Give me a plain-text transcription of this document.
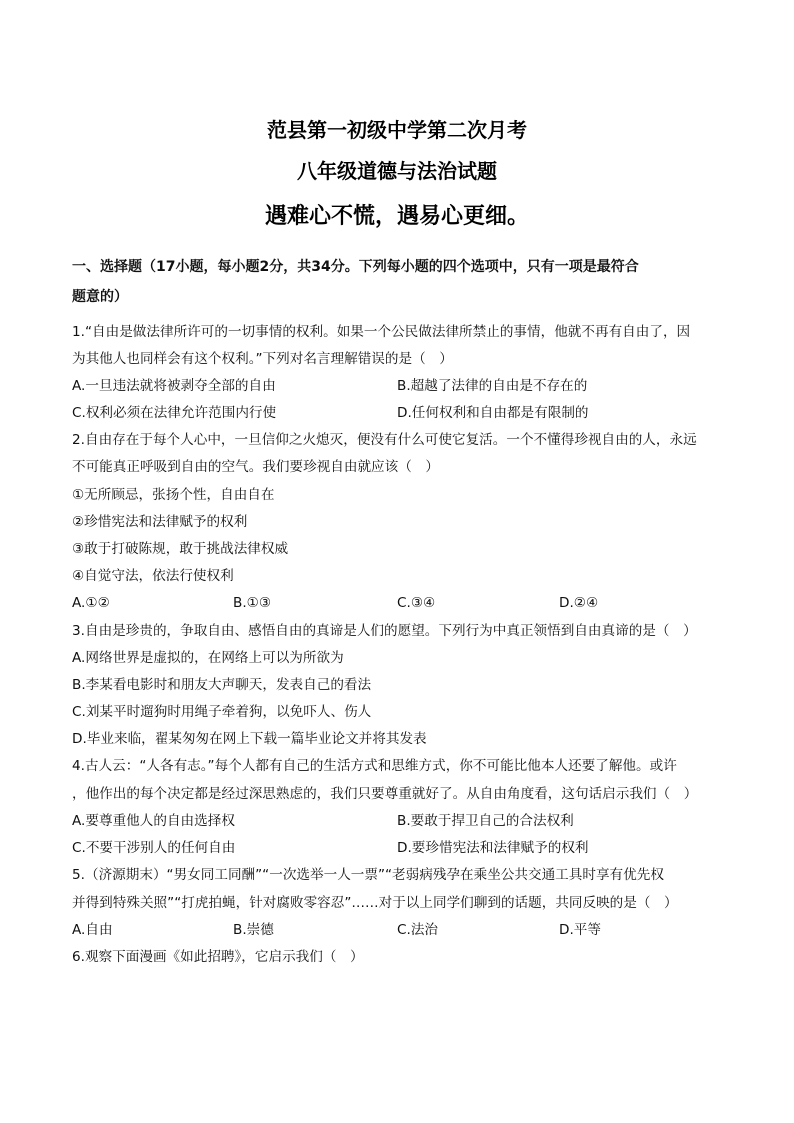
范县第一初级中学第二次月考
八年级道德与法治试题
遇难心不慌，遇易心更细。
一、选择题（17小题，每小题2分，共34分。下列每小题的四个选项中，只有一项是最符合
题意的）
1.“自由是做法律所许可的一切事情的权利。如果一个公民做法律所禁止的事情，他就不再有自由了，因
为其他人也同样会有这个权利。”下列对名言理解错误的是（　）
A.一旦违法就将被剥夺全部的自由	B.超越了法律的自由是不存在的
C.权利必须在法律允许范围内行使	D.任何权利和自由都是有限制的
2.自由存在于每个人心中，一旦信仰之火熄灭，便没有什么可使它复活。一个不懂得珍视自由的人，永远
不可能真正呼吸到自由的空气。我们要珍视自由就应该（　）
①无所顾忌，张扬个性，自由自在
②珍惜宪法和法律赋予的权利
③敢于打破陈规，敢于挑战法律权威
④自觉守法，依法行使权利
A.①②	B.①③	C.③④	D.②④
3.自由是珍贵的，争取自由、感悟自由的真谛是人们的愿望。下列行为中真正领悟到自由真谛的是（　）
A.网络世界是虚拟的，在网络上可以为所欲为
B.李某看电影时和朋友大声聊天，发表自己的看法
C.刘某平时遛狗时用绳子牵着狗，以免吓人、伤人
D.毕业来临，翟某匆匆在网上下载一篇毕业论文并将其发表
4.古人云：“人各有志。”每个人都有自己的生活方式和思维方式，你不可能比他本人还要了解他。或许
，他作出的每个决定都是经过深思熟虑的，我们只要尊重就好了。从自由角度看，这句话启示我们（　）
A.要尊重他人的自由选择权	B.要敢于捍卫自己的合法权利
C.不要干涉别人的任何自由	D.要珍惜宪法和法律赋予的权利
5.（济源期末）“男女同工同酬”“一次选举一人一票”“老弱病残孕在乘坐公共交通工具时享有优先权
并得到特殊关照”“打虎拍蝇，针对腐败零容忍”……对于以上同学们聊到的话题，共同反映的是（　）
A.自由	B.崇德	C.法治	D.平等
6.观察下面漫画《如此招聘》，它启示我们（　）
